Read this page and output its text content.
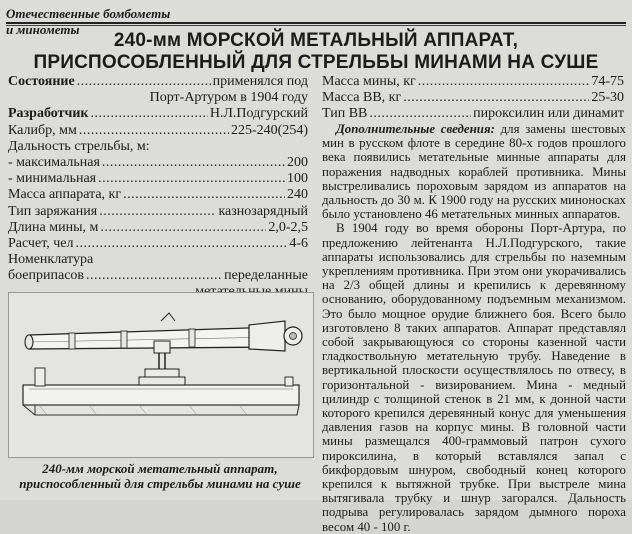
Отечественные бомбометы и минометы
240-мм МОРСКОЙ МЕТАЛЬНЫЙ АППАРАТ,
ПРИСПОСОБЛЕННЫЙ ДЛЯ СТРЕЛЬБЫ МИНАМИ НА СУШЕ
Состояние .....	применялся под
Порт-Артуром в 1904 году
Разработчик .....	Н.Л.Подгурский
Калибр, мм .....	225-240(254)
Дальность стрельбы, м:
- максимальная .....	200
- минимальная .....	100
Масса аппарата, кг .....	240
Тип заряжания .....	казнозарядный
Длина мины, м .....	2,0-2,5
Расчет, чел .....	4-6
Номенклатура
боеприпасов .....	переделанные
Масса мины, кг .....	74-75
Масса ВВ, кг .....	25-30
Тип ВВ .....	пироксилин или динамит

Дополнительные сведения: для замены шестовых мин в русском флоте в середине 80-х годов прошлого века появились метательные минные аппараты для поражения надводных кораблей противника. Мины выстреливались пороховым зарядом из аппаратов на дальность до 30 м. К 1900 году на русских миноносках было установлено 46 метательных минных аппаратов.

В 1904 году во время обороны Порт-Артура, по предложению лейтенанта Н.Л.Подгурского, такие аппараты использовались для стрельбы по наземным укреплениям противника. При этом они укорачивались на 2/3 общей длины и крепились к деревянному основанию, оборудованному подъемным механизмом. Это было мощное орудие ближнего боя. Всего было изготовлено 8 таких аппаратов. Аппарат представлял собой закрывающуюся со стороны казенной части гладкоствольную метательную трубу. Наведение в вертикальной плоскости осуществлялось по отвесу, в горизонтальной - визированием. Мина - медный цилиндр с толщиной стенок в 21 мм, к донной части которого крепился деревянный конус для уменьшения давления газов на корпус мины. В головной части мины размещался 400-граммовый патрон сухого пироксилина, в который вставлялся запал с бикфордовым шнуром, свободный конец которого крепился к вытяжной трубке. При выстреле мина вытягивала трубку и шнур загорался. Дальность подрыва регулировалась зарядом дымного пороха весом 40 - 100 г.

240-мм морской метательный аппарат,
приспособленный для стрельбы минами на суше
